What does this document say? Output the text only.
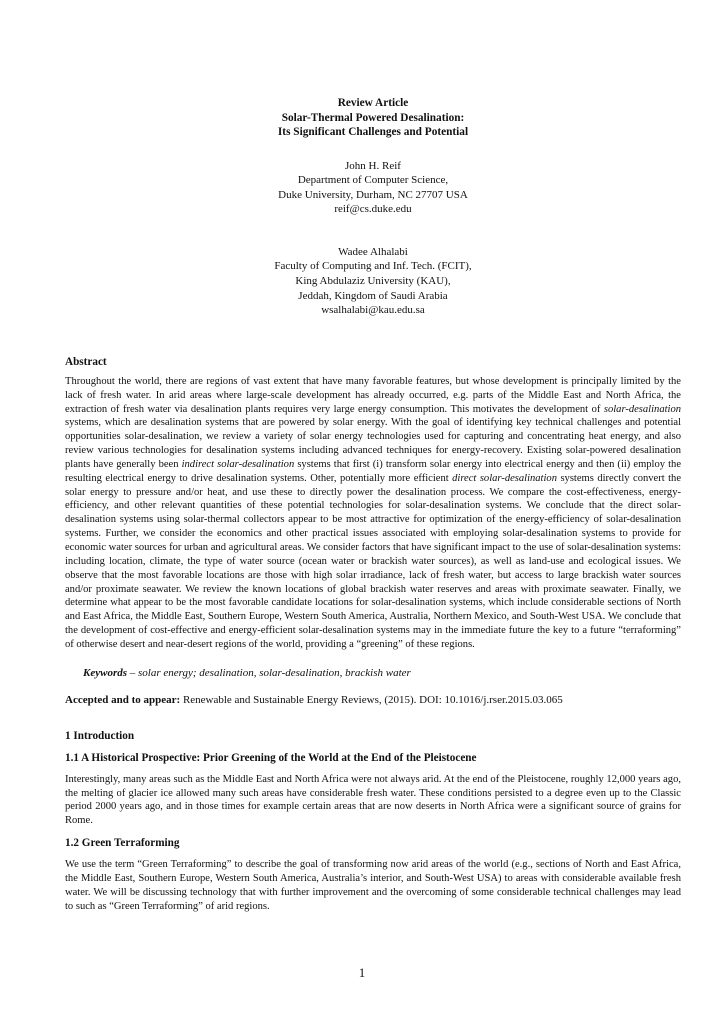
Review Article
Solar-Thermal Powered Desalination:
Its Significant Challenges and Potential
John H. Reif
Department of Computer Science,
Duke University, Durham, NC 27707 USA
reif@cs.duke.edu
Wadee Alhalabi
Faculty of Computing and Inf. Tech. (FCIT),
King Abdulaziz University (KAU),
Jeddah, Kingdom of Saudi Arabia
wsalhalabi@kau.edu.sa
Abstract
Throughout the world, there are regions of vast extent that have many favorable features, but whose development is principally limited by the lack of fresh water. In arid areas where large-scale development has already occurred, e.g. parts of the Middle East and North Africa, the extraction of fresh water via desalination plants requires very large energy consumption. This motivates the development of solar-desalination systems, which are desalination systems that are powered by solar energy. With the goal of identifying key technical challenges and potential opportunities solar-desalination, we review a variety of solar energy technologies used for capturing and concentrating heat energy, and also review various technologies for desalination systems including advanced techniques for energy-recovery. Existing solar-powered desalination plants have generally been indirect solar-desalination systems that first (i) transform solar energy into electrical energy and then (ii) employ the resulting electrical energy to drive desalination systems. Other, potentially more efficient direct solar-desalination systems directly convert the solar energy to pressure and/or heat, and use these to directly power the desalination process. We compare the cost-effectiveness, energy-efficiency, and other relevant quantities of these potential technologies for solar-desalination systems. We conclude that the direct solar-desalination systems using solar-thermal collectors appear to be most attractive for optimization of the energy-efficiency of solar-desalination systems. Further, we consider the economics and other practical issues associated with employing solar-desalination systems to provide for economic water sources for urban and agricultural areas. We consider factors that have significant impact to the use of solar-desalination systems: including location, climate, the type of water source (ocean water or brackish water sources), as well as land-use and ecological issues. We observe that the most favorable locations are those with high solar irradiance, lack of fresh water, but access to large brackish water sources and/or proximate seawater. We review the known locations of global brackish water reserves and areas with proximate seawater. Finally, we determine what appear to be the most favorable candidate locations for solar-desalination systems, which include considerable sections of North and East Africa, the Middle East, Southern Europe, Western South America, Australia, Northern Mexico, and South-West USA. We conclude that the development of cost-effective and energy-efficient solar-desalination systems may in the immediate future the key to a future “terraforming” of otherwise desert and near-desert regions of the world, providing a “greening” of these regions.
Keywords – solar energy; desalination, solar-desalination, brackish water
Accepted and to appear: Renewable and Sustainable Energy Reviews, (2015). DOI: 10.1016/j.rser.2015.03.065
1 Introduction
1.1 A Historical Prospective: Prior Greening of the World at the End of the Pleistocene
Interestingly, many areas such as the Middle East and North Africa were not always arid. At the end of the Pleistocene, roughly 12,000 years ago, the melting of glacier ice allowed many such areas have considerable fresh water. These conditions persisted to a degree even up to the Classic period 2000 years ago, and in those times for example certain areas that are now deserts in North Africa were a significant source of grains for Rome.
1.2 Green Terraforming
We use the term “Green Terraforming” to describe the goal of transforming now arid areas of the world (e.g., sections of North and East Africa, the Middle East, Southern Europe, Western South America, Australia’s interior, and South-West USA) to areas with considerable available fresh water. We will be discussing technology that with further improvement and the overcoming of some considerable technical challenges may lead to such as “Green Terraforming” of arid regions.
1
